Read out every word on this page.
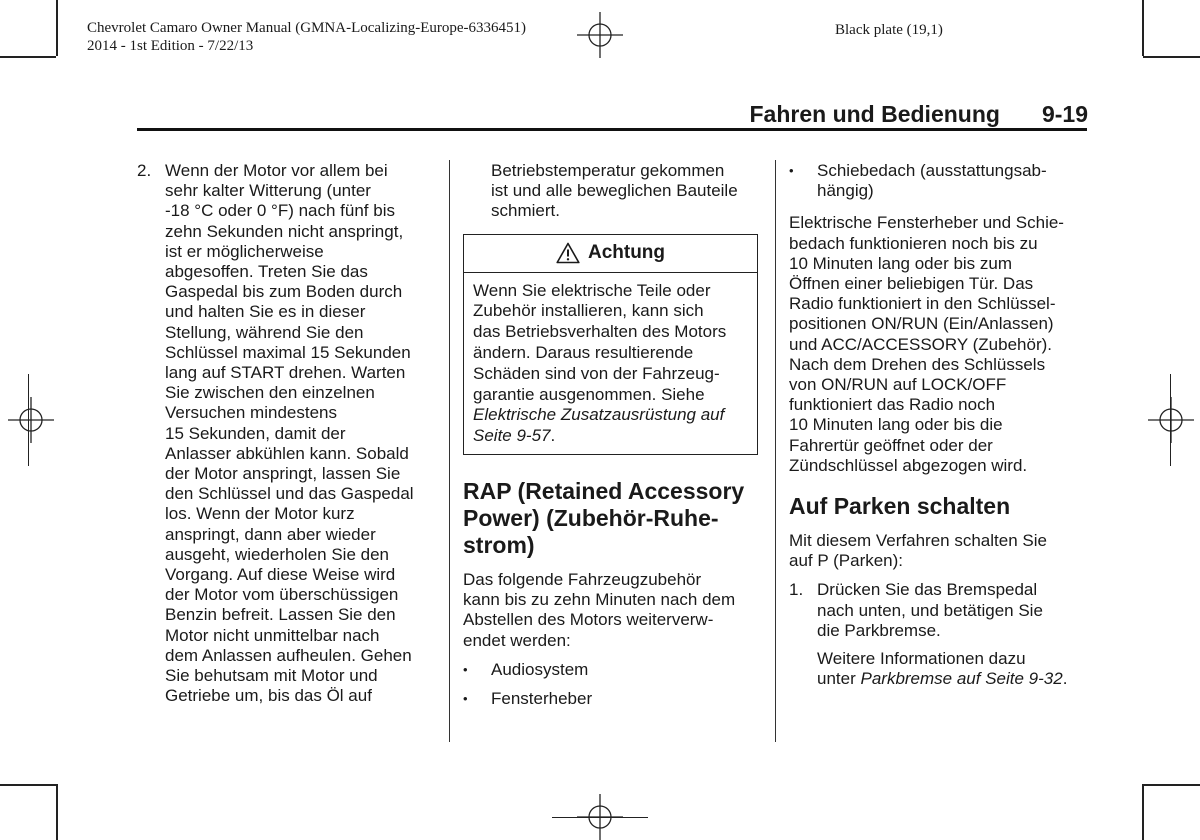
Chevrolet Camaro Owner Manual (GMNA-Localizing-Europe-6336451)
2014 - 1st Edition - 7/22/13
Black plate (19,1)
Fahren und Bedienung 9-19
2. Wenn der Motor vor allem bei
sehr kalter Witterung (unter
-18 °C oder 0 °F) nach fünf bis
zehn Sekunden nicht anspringt,
ist er möglicherweise
abgesoffen. Treten Sie das
Gaspedal bis zum Boden durch
und halten Sie es in dieser
Stellung, während Sie den
Schlüssel maximal 15 Sekunden
lang auf START drehen. Warten
Sie zwischen den einzelnen
Versuchen mindestens
15 Sekunden, damit der
Anlasser abkühlen kann. Sobald
der Motor anspringt, lassen Sie
den Schlüssel und das Gaspedal
los. Wenn der Motor kurz
anspringt, dann aber wieder
ausgeht, wiederholen Sie den
Vorgang. Auf diese Weise wird
der Motor vom überschüssigen
Benzin befreit. Lassen Sie den
Motor nicht unmittelbar nach
dem Anlassen aufheulen. Gehen
Sie behutsam mit Motor und
Getriebe um, bis das Öl auf
Betriebstemperatur gekommen
ist und alle beweglichen Bauteile
schmiert.
Achtung
Wenn Sie elektrische Teile oder
Zubehör installieren, kann sich
das Betriebsverhalten des Motors
ändern. Daraus resultierende
Schäden sind von der Fahrzeug-
garantie ausgenommen. Siehe
Elektrische Zusatzausrüstung auf
Seite 9-57.
RAP (Retained Accessory
Power) (Zubehör-Ruhe-
strom)
Das folgende Fahrzeugzubehör
kann bis zu zehn Minuten nach dem
Abstellen des Motors weiterverw-
endet werden:
•	Audiosystem
•	Fensterheber
•	Schiebedach (ausstattungsab-
hängig)
Elektrische Fensterheber und Schie-
bedach funktionieren noch bis zu
10 Minuten lang oder bis zum
Öffnen einer beliebigen Tür. Das
Radio funktioniert in den Schlüssel-
positionen ON/RUN (Ein/Anlassen)
und ACC/ACCESSORY (Zubehör).
Nach dem Drehen des Schlüssels
von ON/RUN auf LOCK/OFF
funktioniert das Radio noch
10 Minuten lang oder bis die
Fahrertür geöffnet oder der
Zündschlüssel abgezogen wird.
Auf Parken schalten
Mit diesem Verfahren schalten Sie
auf P (Parken):
1. Drücken Sie das Bremspedal
nach unten, und betätigen Sie
die Parkbremse.
Weitere Informationen dazu
unter Parkbremse auf Seite 9-32.
